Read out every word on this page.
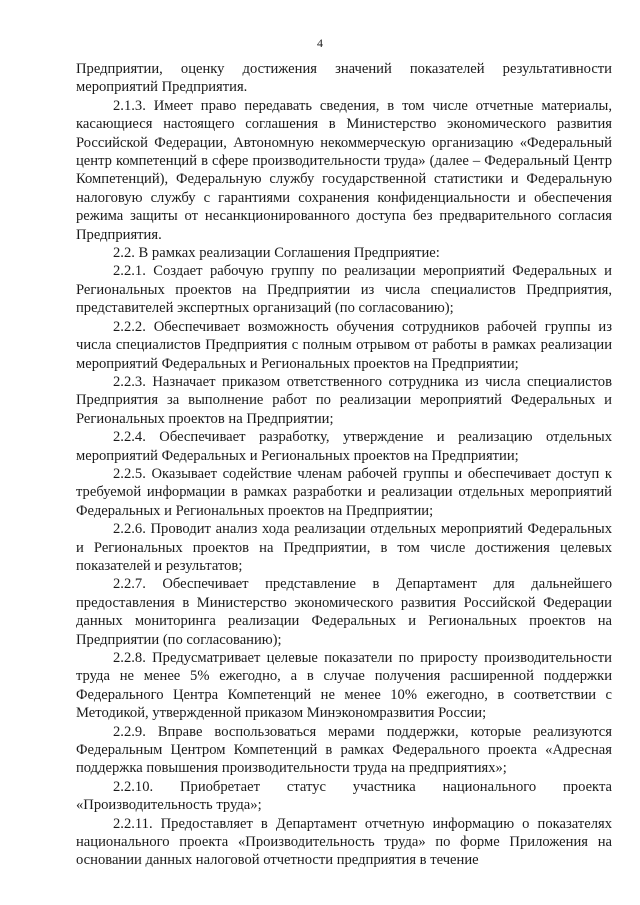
4

Предприятии, оценку достижения значений показателей результативности мероприятий Предприятия.

2.1.3. Имеет право передавать сведения, в том числе отчетные материалы, касающиеся настоящего соглашения в Министерство экономического развития Российской Федерации, Автономную некоммерческую организацию «Федеральный центр компетенций в сфере производительности труда» (далее – Федеральный Центр Компетенций), Федеральную службу государственной статистики и Федеральную налоговую службу с гарантиями сохранения конфиденциальности и обеспечения режима защиты от несанкционированного доступа без предварительного согласия Предприятия.

2.2. В рамках реализации Соглашения Предприятие:

2.2.1. Создает рабочую группу по реализации мероприятий Федеральных и Региональных проектов на Предприятии из числа специалистов Предприятия, представителей экспертных организаций (по согласованию);

2.2.2. Обеспечивает возможность обучения сотрудников рабочей группы из числа специалистов Предприятия с полным отрывом от работы в рамках реализации мероприятий Федеральных и Региональных проектов на Предприятии;

2.2.3. Назначает приказом ответственного сотрудника из числа специалистов Предприятия за выполнение работ по реализации мероприятий Федеральных и Региональных проектов на Предприятии;

2.2.4. Обеспечивает разработку, утверждение и реализацию отдельных мероприятий Федеральных и Региональных проектов на Предприятии;

2.2.5. Оказывает содействие членам рабочей группы и обеспечивает доступ к требуемой информации в рамках разработки и реализации отдельных мероприятий Федеральных и Региональных проектов на Предприятии;

2.2.6. Проводит анализ хода реализации отдельных мероприятий Федеральных и Региональных проектов на Предприятии, в том числе достижения целевых показателей и результатов;

2.2.7. Обеспечивает представление в Департамент для дальнейшего предоставления в Министерство экономического развития Российской Федерации данных мониторинга реализации Федеральных и Региональных проектов на Предприятии (по согласованию);

2.2.8. Предусматривает целевые показатели по приросту производительности труда не менее 5% ежегодно, а в случае получения расширенной поддержки Федерального Центра Компетенций не менее 10% ежегодно, в соответствии с Методикой, утвержденной приказом Минэкономразвития России;

2.2.9. Вправе воспользоваться мерами поддержки, которые реализуются Федеральным Центром Компетенций в рамках Федерального проекта «Адресная поддержка повышения производительности труда на предприятиях»;

2.2.10. Приобретает статус участника национального проекта «Производительность труда»;

2.2.11. Предоставляет в Департамент отчетную информацию о показателях национального проекта «Производительность труда» по форме Приложения на основании данных налоговой отчетности предприятия в течение
